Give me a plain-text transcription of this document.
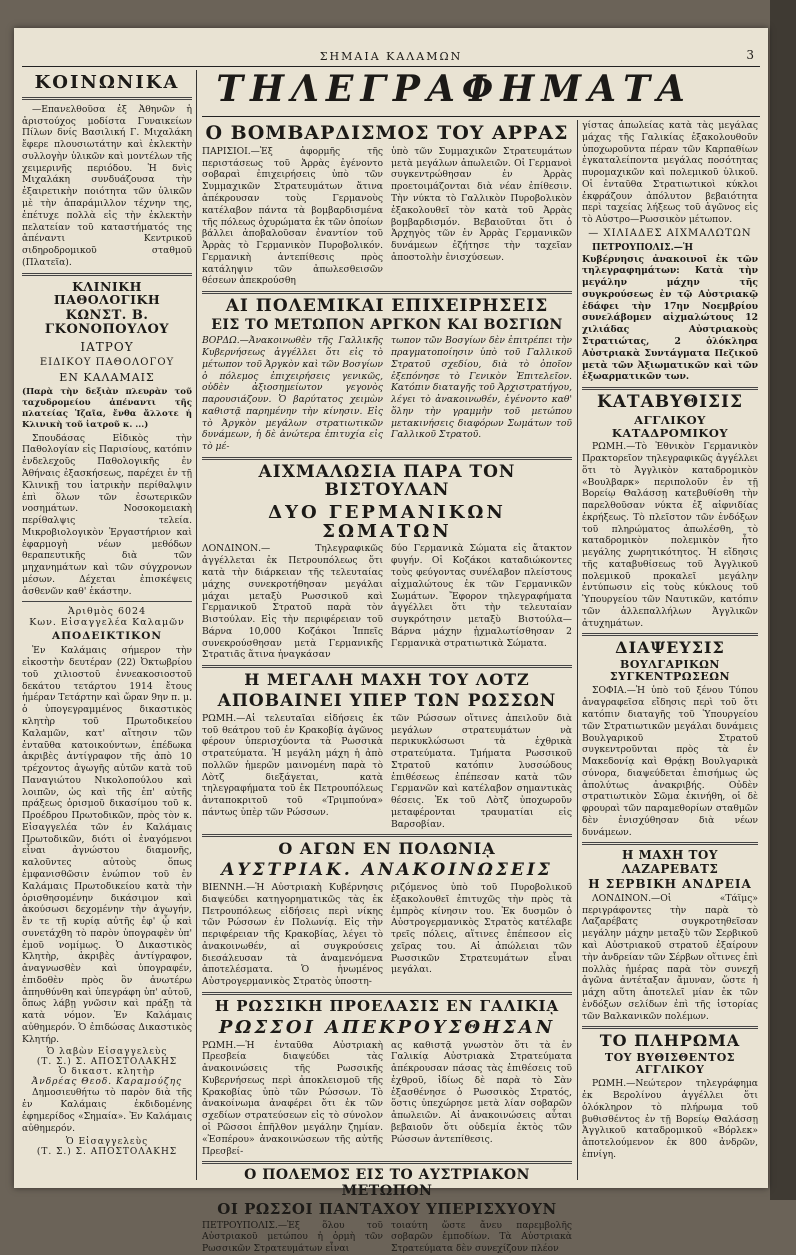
ΣΗΜΑΙΑ ΚΑΛΑΜΩΝ	3
ΚΟΙΝΩΝΙΚΑ
—Επανελθοῦσα ἐξ Ἀθηνῶν ἡ ἀριστούχος μοδίστα Γυναικείων Πίλων δνίς Βασιλική Γ. Μιχαλάκη ἔφερε πλουσιωτάτην καὶ ἐκλεκτὴν συλλογὴν ὑλικῶν καὶ μοντέλων τῆς χειμερινῆς περιόδου. Ἡ δνὶς Μιχαλάκη συνδυάζουσα τὴν ἐξαιρετικὴν ποιότητα τῶν ὑλικῶν μὲ τὴν ἀπαράμιλλον τέχνην της, ἐπέτυχε πολλὰ εἰς τὴν ἐκλεκτὴν πελατείαν τοῦ καταστήματός της ἀπέναντι Κεντρικοῦ σιδηροδρομικοῦ σταθμοῦ (Πλατεῖα).
ΚΛΙΝΙΚΗ ΠΑΘΟΛΟΓΙΚΗ
ΚΩΝΣΤ. Β. ΓΚΟΝΟΠΟΥΛΟΥ
ΙΑΤΡΟΥ
ΕΙΔΙΚΟΥ ΠΑΘΟΛΟΓΟΥ
ΕΝ ΚΑΛΑΜΑΙΣ
(Παρὰ τὴν δεξιὰν πλευρὰν τοῦ ταχυδρομείου ἀπέναντι τῆς πλατείας Ἰζαῖα, ἔνθα ἄλλοτε ἡ Κλινικὴ τοῦ ἰατροῦ κ. ...)
Σπουδάσας Εἰδικὸς τὴν Παθολογίαν εἰς Παρισίους, κατόπιν ἐνδελεχοῦς Παθολογικῆς ἐν Ἀθήναις ἐξασκήσεως, παρέχει ἐν τῇ Κλινικῇ του ἰατρικὴν περίθαλψιν ἐπὶ ὅλων τῶν ἐσωτερικῶν νοσημάτων. Νοσοκομειακὴ περίθαλψις τελεία. Μικροβιολογικὸν Ἐργαστήριον καὶ ἐφαρμογὴ νέων μεθόδων θεραπευτικῆς διὰ τῶν μηχανημάτων καὶ τῶν σύγχρονων μέσων. Δέχεται ἐπισκέψεις ἀσθενῶν καθ' ἑκάστην.
Ἀριθμὸς 6024
Κων. Εἰσαγγελέα Καλαμῶν
ΑΠΟΔΕΙΚΤΙΚΟΝ
Ἐν Καλάμαις σήμερον τὴν εἰκοστὴν δευτέραν (22) Ὀκτωβρίου τοῦ χιλιοστοῦ ἐννεακοσιοστοῦ δεκάτου τετάρτου 1914 ἔτους ἡμέραν Τετάρτην καὶ ὥραν 9ην π. μ. ὁ ὑπογεγραμμένος δικαστικὸς κλητὴρ τοῦ Πρωτοδικείου Καλαμῶν, κατ' αἴτησιν τῶν ἐνταῦθα κατοικούντων, ἐπέδωκα ἀκριβὲς ἀντίγραφον τῆς ἀπὸ 10 τρέχοντος ἀγωγῆς αὐτῶν κατὰ τοῦ Παναγιώτου Νικολοπούλου καὶ λοιπῶν, ὡς καὶ τῆς ἐπ' αὐτῆς πράξεως ὁρισμοῦ δικασίμου τοῦ κ. Προέδρου Πρωτοδικῶν, πρὸς τὸν κ. Εἰσαγγελέα τῶν ἐν Καλάμαις Πρωτοδικῶν, διότι οἱ ἐναγόμενοι εἶναι ἀγνώστου διαμονῆς, καλοῦντες αὐτοὺς ὅπως ἐμφανισθῶσιν ἐνώπιον τοῦ ἐν Καλάμαις Πρωτοδικείου κατὰ τὴν ὁρισθησομένην δικάσιμον καὶ ἀκούσωσι δεχομένην τὴν ἀγωγήν, ἔν τε τῇ κυρίᾳ αὐτῆς ἐφ' ᾧ καὶ συνετάχθη τὸ παρὸν ὑπογραφὲν ὑπ' ἐμοῦ νομίμως. Ὁ Δικαστικὸς Κλητὴρ, ἀκριβὲς ἀντίγραφον, ἀναγνωσθὲν καὶ ὑπογραφέν, ἐπιδοθὲν πρὸς ὃν ἀνωτέρω ἀπηυθύνθη καὶ ὑπεγράφη ὑπ' αὐτοῦ, ὅπως λάβῃ γνῶσιν καὶ πράξῃ τὰ κατὰ νόμον. Ἐν Καλάμαις αὐθημερόν. Ὁ ἐπιδώσας Δικαστικὸς Κλητήρ.
Ὁ λαβὼν Εἰσαγγελεὺς
(Τ. Σ.) Σ. ΑΠΟΣΤΟΛΑΚΗΣ
Ὁ δικαστ. κλητὴρ
Ἀνδρέας Θεοδ. Καραμούζης
Δημοσιευθήτω τὸ παρὸν διὰ τῆς ἐν Καλάμαις ἐκδιδομένης ἐφημερίδος «Σημαία». Ἐν Καλάμαις αὐθημερόν.
Ὁ Εἰσαγγελεὺς
(Τ. Σ.) Σ. ΑΠΟΣΤΟΛΑΚΗΣ
ΤΗΛΕΓΡΑΦΗΜΑΤΑ
Ο ΒΟΜΒΑΡΔΙΣΜΟΣ ΤΟΥ ΑΡΡΑΣ
ΠΑΡΙΣΙΟΙ.—Ἐξ ἀφορμῆς τῆς περιστάσεως τοῦ Ἀρρὰς ἐγένοντο σοβαραὶ ἐπιχειρήσεις ὑπὸ τῶν Συμμαχικῶν Στρατευμάτων ἅτινα ἀπέκρουσαν τοὺς Γερμανοὺς κατέλαβον πάντα τὰ βομβαρδισμένα τῆς πόλεως ὀχυρώματα ἐκ τῶν ὁποίων βάλλει ἀποβαλοῦσαν ἐναντίον τοῦ Ἀρρὰς τὸ Γερμανικὸν Πυροβολικόν. Γερμανικὴ ἀντεπίθεσις πρὸς κατάληψιν τῶν ἀπωλεσθεισῶν θέσεων ἀπεκρούσθη
ὑπὸ τῶν Συμμαχικῶν Στρατευμάτων μετὰ μεγάλων ἀπωλειῶν. Οἱ Γερμανοὶ συγκεντρώθησαν ἐν Ἀρρὰς προετοιμάζονται διὰ νέαν ἐπίθεσιν. Τὴν νύκτα τὸ Γαλλικὸν Πυροβολικὸν ἐξακολουθεῖ τὸν κατὰ τοῦ Ἀρρὰς βομβαρδισμόν. Βεβαιοῦται ὅτι ὁ Ἀρχηγὸς τῶν ἐν Ἀρρὰς Γερμανικῶν δυνάμεων ἐζήτησε τὴν ταχεῖαν ἀποστολὴν ἐνισχύσεων.
ΑΙ ΠΟΛΕΜΙΚΑΙ ΕΠΙΧΕΙΡΗΣΕΙΣ
ΕΙΣ ΤΟ ΜΕΤΩΠΟΝ ΑΡΓΚΟΝ ΚΑΙ ΒΟΣΓΙΩΝ
ΒΟΡΔΩ.—Ἀνακοινωθὲν τῆς Γαλλικῆς Κυβερνήσεως ἀγγέλλει ὅτι εἰς τὸ μέτωπον τοῦ Ἀργκὸν καὶ τῶν Βοσγίων ὁ πόλεμος ἐπιχειρήσεις γενικῶς, οὐδὲν ἀξιοσημείωτον γεγονὸς παρουσιάζουν. Ὁ βαρύτατος χειμὼν καθιστᾷ παρημένην τὴν κίνησιν. Εἰς τὸ Ἀργκὸν μεγάλων στρατιωτικῶν δυνάμεων, ἡ δὲ ἀνώτερα ἐπιτυχία εἰς τὸ μέ-
τωπον τῶν Βοσγίων δὲν ἐπιτρέπει τὴν πραγματοποίησιν ὑπὸ τοῦ Γαλλικοῦ Στρατοῦ σχεδίου, διὰ τὸ ὁποῖον ἐξεπόνησε τὸ Γενικὸν Ἐπιτελεῖον. Κατόπιν διαταγῆς τοῦ Ἀρχιστρατήγου, λέγει τὸ ἀνακοινωθέν, ἐγένοντο καθ' ὅλην τὴν γραμμὴν τοῦ μετώπου μετακινήσεις διαφόρων Σωμάτων τοῦ Γαλλικοῦ Στρατοῦ.
ΑΙΧΜΑΛΩΣΙΑ ΠΑΡΑ ΤΟΝ ΒΙΣΤΟΥΛΑΝ
ΔΥΟ ΓΕΡΜΑΝΙΚΩΝ ΣΩΜΑΤΩΝ
ΛΟΝΔΙΝΟΝ.— Τηλεγραφικῶς ἀγγέλλεται ἐκ Πετρουπόλεως ὅτι κατὰ τὴν διάρκειαν τῆς τελευταίας μάχης συνεκροτήθησαν μεγάλαι μάχαι μεταξὺ Ρωσσικοῦ καὶ Γερμανικοῦ Στρατοῦ παρὰ τὸν Βιστούλαν. Εἰς τὴν περιφέρειαν τοῦ Βάρνα 10,000 Κοζάκοι Ἱππεῖς συνεκρούσθησαν μετὰ Γερμανικῆς Στρατιᾶς ἅτινα ἠναγκάσαν
δύο Γερμανικὰ Σώματα εἰς ἄτακτον φυγήν. Οἱ Κοζάκοι καταδιώκοντες τοὺς φεύγοντας συνέλαβον πλείστους αἰχμαλώτους ἐκ τῶν Γερμανικῶν Σωμάτων. Ἔφορον τηλεγραφήματα ἀγγέλλει ὅτι τὴν τελευταίαν συγκρότησιν μεταξὺ Βιστούλα—Βάρνα μάχην ᾐχμαλωτίσθησαν 2 Γερμανικὰ στρατιωτικὰ Σώματα.
Η ΜΕΓΑΛΗ ΜΑΧΗ ΤΟΥ ΛΟΤΖ
ΑΠΟΒΑΙΝΕΙ ΥΠΕΡ ΤΩΝ ΡΩΣΣΩΝ
ΡΩΜΗ.—Αἱ τελευταῖαι εἰδήσεις ἐκ τοῦ θεάτρου τοῦ ἐν Κρακοβίᾳ ἀγῶνος φέρουν ὑπερισχύοντα τὰ Ρωσσικὰ στρατεύματα. Ἡ μεγάλη μάχη ἡ ἀπὸ πολλῶν ἡμερῶν μαινομένη παρὰ τὸ Λὸτζ διεξάγεται, κατὰ τηλεγραφήματα τοῦ ἐκ Πετρουπόλεως ἀνταποκριτοῦ τοῦ «Τριμπούνα» πάντως ὑπὲρ τῶν Ρώσσων.
τῶν Ρώσσων οἵτινες ἀπειλοῦν διὰ μεγάλων στρατευμάτων νὰ περικυκλώσωσι τὰ ἐχθρικὰ στρατεύματα. Τμήματα Ρωσσικοῦ Στρατοῦ κατόπιν λυσσώδους ἐπιθέσεως ἐπέπεσαν κατὰ τῶν Γερμανῶν καὶ κατέλαβον σημαντικὰς θέσεις. Ἐκ τοῦ Λὸτζ ὑποχωροῦν μεταφέρονται τραυματίαι εἰς Βαρσοβίαν.
Ο ΑΓΩΝ ΕΝ ΠΟΛΩΝΙᾼ
ΑΥΣΤΡΙΑΚ. ΑΝΑΚΟΙΝΩΣΕΙΣ
ΒΙΕΝΝΗ.—Ἡ Αὐστριακὴ Κυβέρνησις διαψεύδει κατηγορηματικῶς τὰς ἐκ Πετρουπόλεως εἰδήσεις περὶ νίκης τῶν Ρώσσων ἐν Πολωνίᾳ. Εἰς τὴν περιφέρειαν τῆς Κρακοβίας, λέγει τὸ ἀνακοινωθέν, αἱ συγκρούσεις διεσάλευσαν τὰ ἀναμενόμενα ἀποτελέσματα. Ὁ ἡνωμένος Αὐστρογερμανικὸς Στρατὸς ὑποστη-
ριζόμενος ὑπὸ τοῦ Πυροβολικοῦ ἐξακολουθεῖ ἐπιτυχῶς τὴν πρὸς τὰ ἐμπρὸς κίνησιν του. Ἐκ δυσμῶν ὁ Αὐστρογερμανικὸς Στρατὸς κατέλαβε τρεῖς πόλεις, αἵτινες ἐπέπεσον εἰς χεῖρας του. Αἱ ἀπώλειαι τῶν Ρωσσικῶν Στρατευμάτων εἶναι μεγάλαι.
Η ΡΩΣΣΙΚΗ ΠΡΟΕΛΑΣΙΣ ΕΝ ΓΑΛΙΚΙᾼ
ΡΩΣΣΟΙ ΑΠΕΚΡΟΥΣΘΗΣΑΝ
ΡΩΜΗ.—Ἡ ἐνταῦθα Αὐστριακὴ Πρεσβεία διαψεύδει τὰς ἀνακοινώσεις τῆς Ρωσσικῆς Κυβερνήσεως περὶ ἀποκλεισμοῦ τῆς Κρακοβίας ὑπὸ τῶν Ρώσσων. Τὸ ἀνακοίνωμα ἀναφέρει ὅτι ἐκ τῶν σχεδίων στρατεύσεων εἰς τὸ σύνολον οἱ Ρῶσσοι ἐπῆλθον μεγάλην ζημίαν. «Ἑσπέρου» ἀνακοινώσεων τῆς αὐτῆς Πρεσβεί-
ας καθιστᾷ γνωστὸν ὅτι τὰ ἐν Γαλικίᾳ Αὐστριακὰ Στρατεύματα ἀπέκρουσαν πάσας τὰς ἐπιθέσεις τοῦ ἐχθροῦ, ἰδίως δὲ παρὰ τὸ Σὰν ἐξασθένησε ὁ Ρωσσικὸς Στρατός, ὅστις ὑπεχώρησε μετὰ λίαν σοβαρῶν ἀπωλειῶν. Αἱ ἀνακοινώσεις αὗται βεβαιοῦν ὅτι οὐδεμία ἐκτὸς τῶν Ρώσσων ἀντεπίθεσις.
Ο ΠΟΛΕΜΟΣ ΕΙΣ ΤΟ ΑΥΣΤΡΙΑΚΟΝ ΜΕΤΩΠΟΝ
ΟΙ ΡΩΣΣΟΙ ΠΑΝΤΑΧΟΥ ΥΠΕΡΙΣΧΥΟΥΝ
ΠΕΤΡΟΥΠΟΛΙΣ.—Ἐξ ὅλου τοῦ Αὐστριακοῦ μετώπου ἡ ὁρμὴ τῶν Ρωσσικῶν Στρατευμάτων εἶναι
τοιαύτη ὥστε ἄνευ παρεμβολῆς σοβαρῶν ἐμποδίων. Τὰ Αὐστριακὰ Στρατεύματα δὲν συνεχίζουν πλέον
γίστας ἀπωλείας κατὰ τὰς μεγάλας μάχας τῆς Γαλικίας ἐξακολουθοῦν ὑποχωροῦντα πέραν τῶν Καρπαθίων ἐγκαταλείποντα μεγάλας ποσότητας πυρομαχικῶν καὶ πολεμικοῦ ὑλικοῦ. Οἱ ἐνταῦθα Στρατιωτικοὶ κύκλοι ἐκφράζουν ἀπόλυτον βεβαιότητα περὶ ταχείας λήξεως τοῦ ἀγῶνος εἰς τὸ Αὐστρο—Ρωσσικὸν μέτωπον.
— ΧΙΛΙΑΔΕΣ ΑΙΧΜΑΛΩΤΩΝ
ΠΕΤΡΟΥΠΟΛΙΣ.—Ἡ Κυβέρνησις ἀνακοινοῖ ἐκ τῶν τηλεγραφημάτων: Κατὰ τὴν μεγάλην μάχην τῆς συγκρούσεως ἐν τῷ Αὐστριακῷ ἐδάφει τὴν 17ην Νοεμβρίου συνελάβομεν αἰχμαλώτους 12 χιλιάδας Αὐστριακοὺς Στρατιώτας, 2 ὁλόκληρα Αὐστριακὰ Συντάγματα Πεζικοῦ μετὰ τῶν Ἀξιωματικῶν καὶ τῶν ἐξωαρματικῶν των.
ΚΑΤΑΒΥΘΙΣΙΣ
ΑΓΓΛΙΚΟΥ ΚΑΤΑΔΡΟΜΙΚΟΥ
ΡΩΜΗ.—Τὸ Ἐθνικὸν Γερμανικὸν Πρακτορεῖον τηλεγραφικῶς ἀγγέλλει ὅτι τὸ Ἀγγλικὸν καταδρομικὸν «Βουλβαρκ» περιπολοῦν ἐν τῇ Βορείῳ Θαλάσσῃ κατεβυθίσθη τὴν παρελθοῦσαν νύκτα ἐξ αἰφνιδίας ἐκρήξεως. Τὸ πλεῖστον τῶν ἐνδόξων τοῦ πληρώματος ἀπωλέσθη, τὸ καταδρομικὸν πολεμικὸν ἦτο μεγάλης χωρητικότητος. Ἡ εἴδησις τῆς καταβυθίσεως τοῦ Ἀγγλικοῦ πολεμικοῦ προκαλεῖ μεγάλην ἐντύπωσιν εἰς τοὺς κύκλους τοῦ Ὑπουργείου τῶν Ναυτικῶν, κατόπιν τῶν ἀλλεπαλλήλων Ἀγγλικῶν ἀτυχημάτων.
ΔΙΑΨΕΥΣΙΣ
ΒΟΥΛΓΑΡΙΚΩΝ ΣΥΓΚΕΝΤΡΩΣΕΩΝ
ΣΟΦΙΑ.—Ἡ ὑπὸ τοῦ ξένου Τύπου ἀναγραφεῖσα εἴδησις περὶ τοῦ ὅτι κατόπιν διαταγῆς τοῦ Ὑπουργείου τῶν Στρατιωτικῶν μεγάλαι δυνάμεις Βουλγαρικοῦ Στρατοῦ συγκεντροῦνται πρὸς τὰ ἐν Μακεδονίᾳ καὶ Θρᾴκῃ Βουλγαρικὰ σύνορα, διαψεύδεται ἐπισήμως ὡς ἀπολύτως ἀνακριβής. Οὐδὲν στρατιωτικὸν Σῶμα ἐκινήθη, οἱ δὲ φρουραὶ τῶν παραμεθορίων σταθμῶν δὲν ἐνισχύθησαν διὰ νέων δυνάμεων.
Η ΜΑΧΗ ΤΟΥ ΛΑΖΑΡΕΒΑΤΣ
Η ΣΕΡΒΙΚΗ ΑΝΔΡΕΙΑ
ΛΟΝΔΙΝΟΝ.—Οἱ «Τάϊμς» περιγράφοντες τὴν παρὰ τὸ Λαζαρέβατς συγκροτηθεῖσαν μεγάλην μάχην μεταξὺ τῶν Σερβικοῦ καὶ Αὐστριακοῦ στρατοῦ ἐξαίρουν τὴν ἀνδρείαν τῶν Σέρβων οἵτινες ἐπὶ πολλὰς ἡμέρας παρὰ τὸν συνεχῆ ἀγῶνα ἀντέταξαν ἄμυναν, ὥστε ἡ μάχη αὕτη ἀποτελεῖ μίαν ἐκ τῶν ἐνδόξων σελίδων ἐπὶ τῆς ἱστορίας τῶν Βαλκανικῶν πολέμων.
ΤΟ ΠΛΗΡΩΜΑ
ΤΟΥ ΒΥΘΙΣΘΕΝΤΟΣ ΑΓΓΛΙΚΟΥ
ΡΩΜΗ.—Νεώτερον τηλεγράφημα ἐκ Βερολίνου ἀγγέλλει ὅτι ὁλόκληρον τὸ πλήρωμα τοῦ βυθισθέντος ἐν τῇ Βορείῳ Θαλάσσῃ Ἀγγλικοῦ καταδρομικοῦ «Βόρλεκ» ἀποτελούμενον ἐκ 800 ἀνδρῶν, ἐπνίγη.
